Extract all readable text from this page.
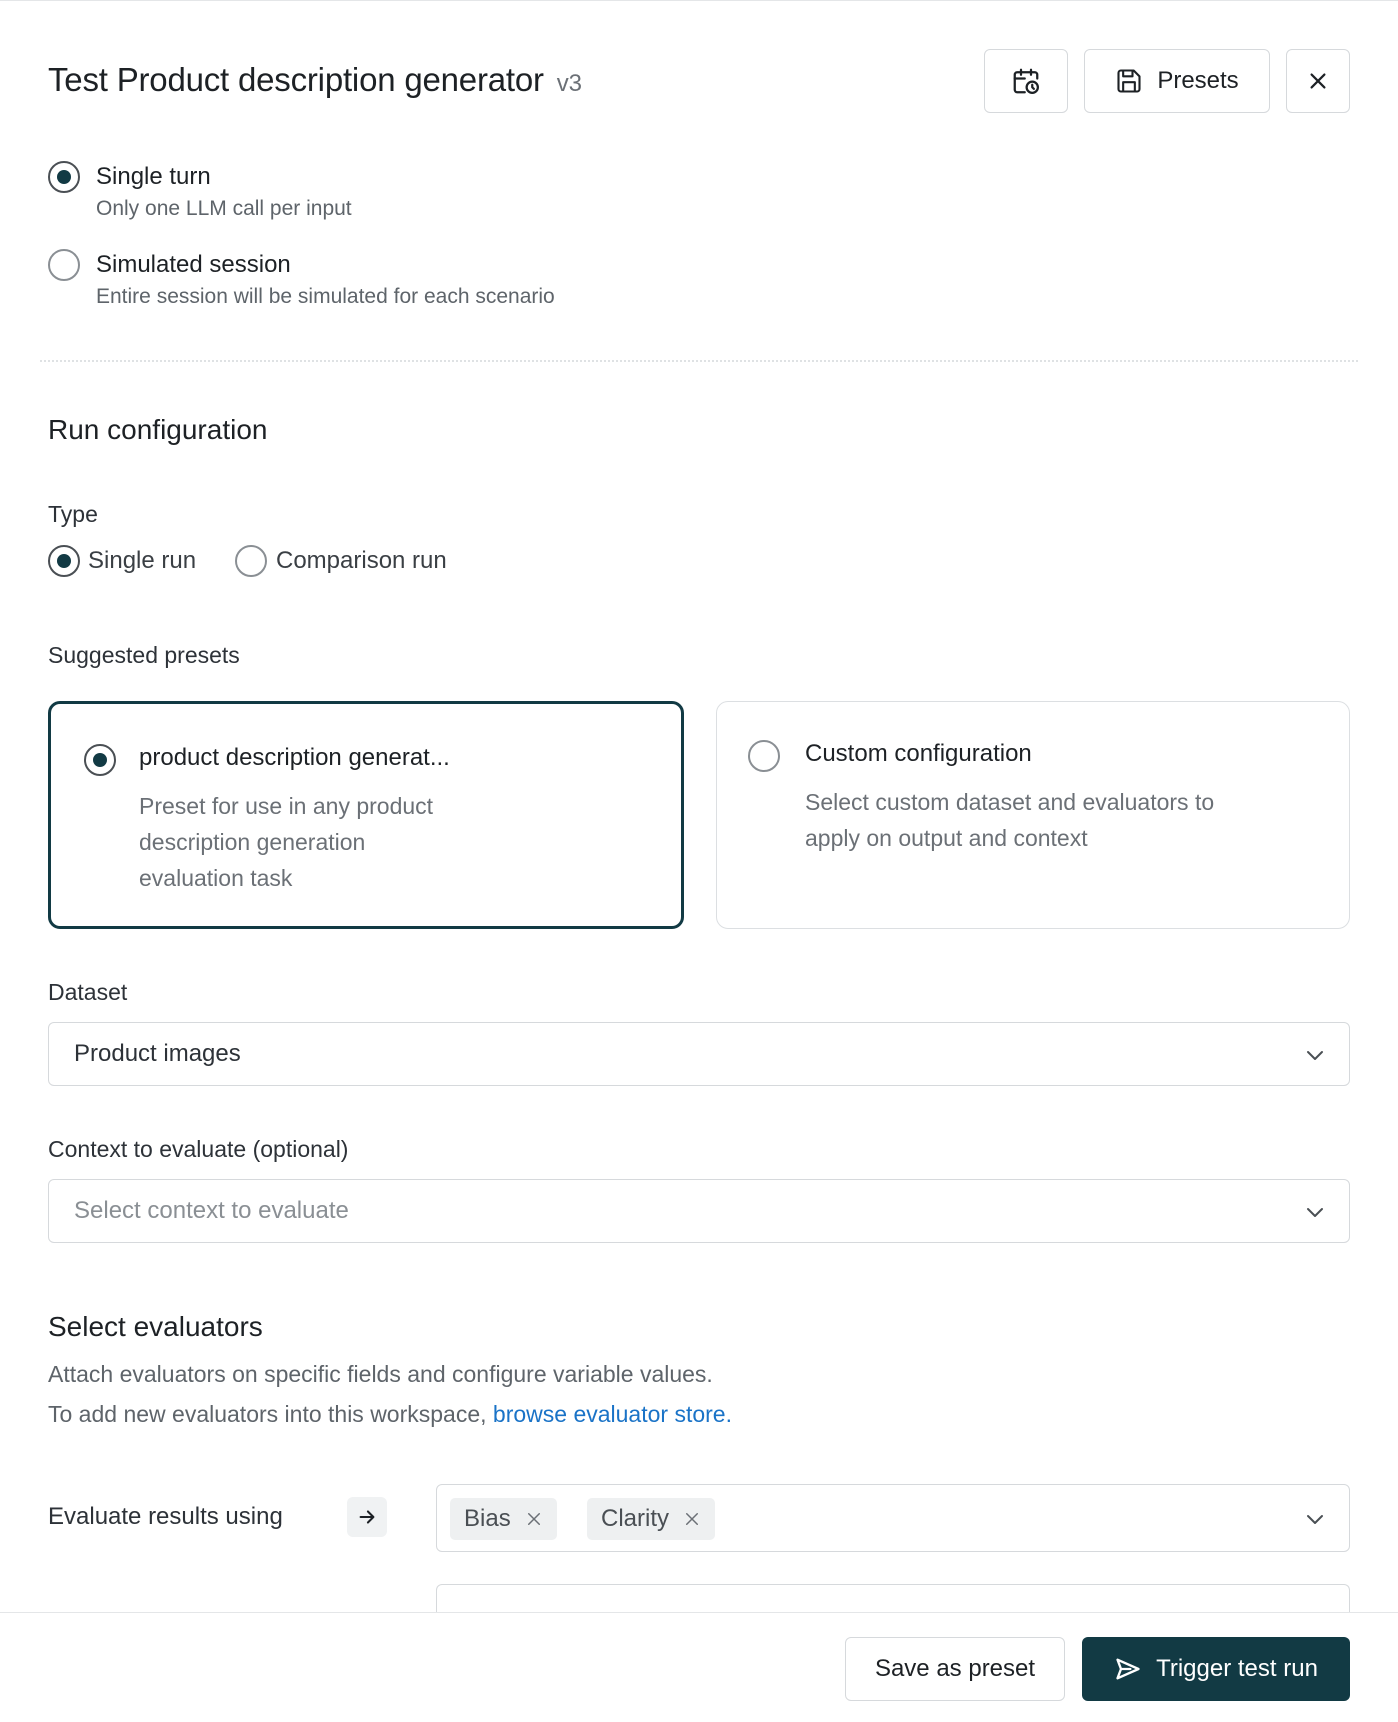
Test Product description generator v3	Presets
Single turn
Only one LLM call per input
Simulated session
Entire session will be simulated for each scenario
Run configuration
Type
Single run	Comparison run
Suggested presets
product description generat...
Preset for use in any product
description generation
evaluation task
Custom configuration
Select custom dataset and evaluators to
apply on output and context
Dataset
Product images
Context to evaluate (optional)
Select context to evaluate
Select evaluators
Attach evaluators on specific fields and configure variable values.
To add new evaluators into this workspace, browse evaluator store.
Evaluate results using	Bias	Clarity
Save as preset	Trigger test run
